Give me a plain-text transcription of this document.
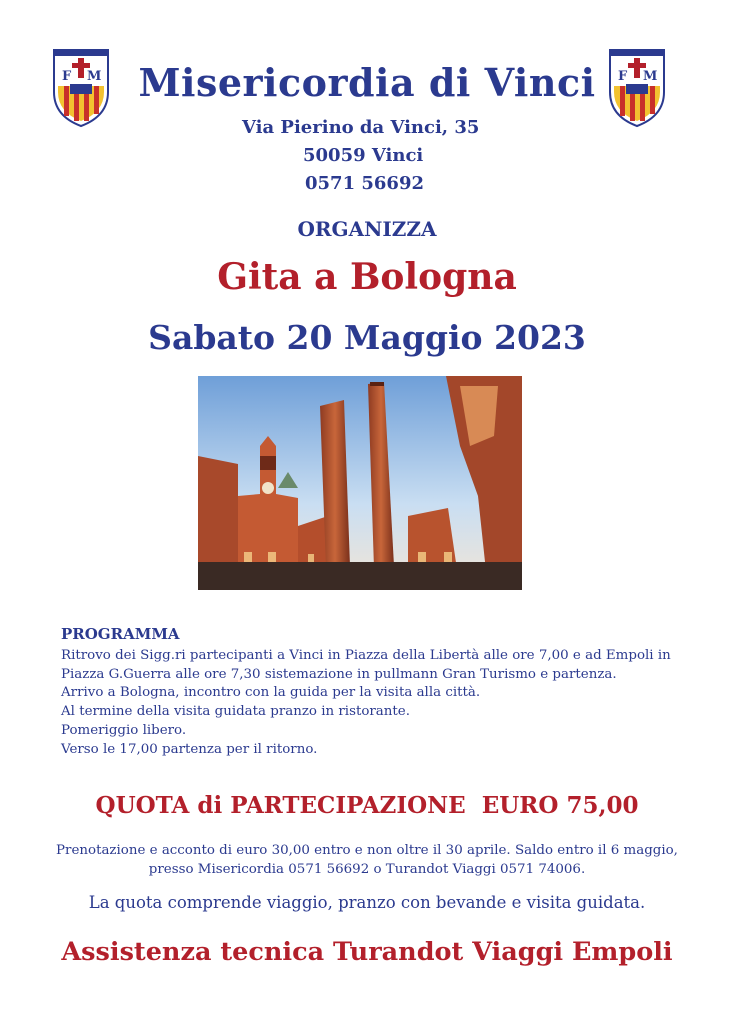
F M	F M
Misericordia di Vinci
Via Pierino da Vinci, 35
50059 Vinci
0571 56692
ORGANIZZA
Gita a Bologna
Sabato 20 Maggio 2023
PROGRAMMA
Ritrovo dei Sigg.ri partecipanti a Vinci in Piazza della Libertà alle ore 7,00 e ad Empoli in
Piazza G.Guerra alle ore 7,30 sistemazione in pullmann Gran Turismo e partenza.
Arrivo a Bologna, incontro con la guida per la visita alla città.
Al termine della visita guidata pranzo in ristorante.
Pomeriggio libero.
Verso le 17,00 partenza per il ritorno.
QUOTA di PARTECIPAZIONE  EURO 75,00
Prenotazione e acconto di euro 30,00 entro e non oltre il 30 aprile. Saldo entro il 6 maggio,
presso Misericordia 0571 56692 o Turandot Viaggi 0571 74006.
La quota comprende viaggio, pranzo con bevande e visita guidata.
Assistenza tecnica Turandot Viaggi Empoli
